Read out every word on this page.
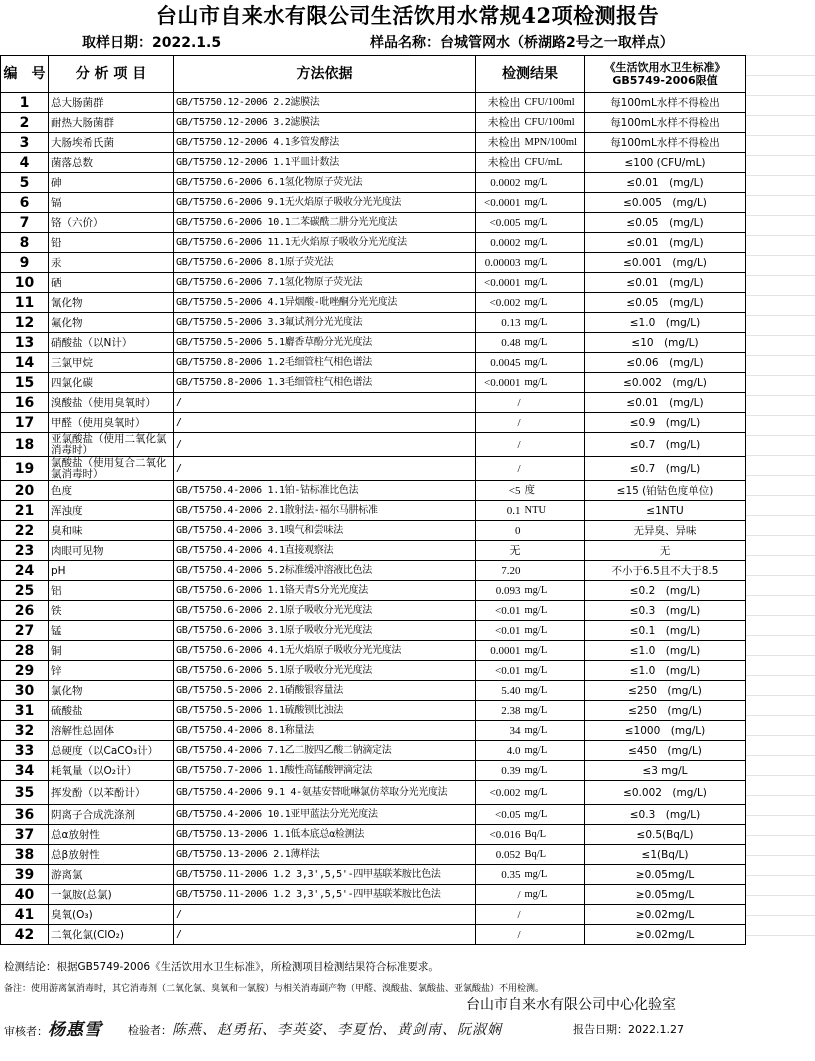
台山市自来水有限公司生活饮用水常规42项检测报告
取样日期：2022.1.5	样品名称：台城管网水（桥湖路2号之一取样点）
编　号	分 析 项 目	方法依据	检测结果		《生活饮用水卫生标准》
GB5749-2006限值
1	总大肠菌群	GB/T5750.12-2006 2.2滤膜法	未检出	CFU/100ml	每100mL水样不得检出
2	耐热大肠菌群	GB/T5750.12-2006 3.2滤膜法	未检出	CFU/100ml	每100mL水样不得检出
3	大肠埃希氏菌	GB/T5750.12-2006 4.1多管发酵法	未检出	MPN/100ml	每100mL水样不得检出
4	菌落总数	GB/T5750.12-2006 1.1平皿计数法	未检出	CFU/mL	≤100 (CFU/mL)
5	砷	GB/T5750.6-2006 6.1氢化物原子荧光法	0.0002	mg/L	≤0.01　(mg/L)
6	镉	GB/T5750.6-2006 9.1无火焰原子吸收分光光度法	<0.0001	mg/L	≤0.005　(mg/L)
7	铬（六价）	GB/T5750.6-2006 10.1二苯碳酰二肼分光光度法	<0.005	mg/L	≤0.05　(mg/L)
8	铅	GB/T5750.6-2006 11.1无火焰原子吸收分光光度法	0.0002	mg/L	≤0.01　(mg/L)
9	汞	GB/T5750.6-2006 8.1原子荧光法	0.00003	mg/L	≤0.001　(mg/L)
10	硒	GB/T5750.6-2006 7.1氢化物原子荧光法	<0.0001	mg/L	≤0.01　(mg/L)
11	氰化物	GB/T5750.5-2006 4.1异烟酸-吡唑酮分光光度法	<0.002	mg/L	≤0.05　(mg/L)
12	氟化物	GB/T5750.5-2006 3.3氟试剂分光光度法	0.13	mg/L	≤1.0　(mg/L)
13	硝酸盐（以N计）	GB/T5750.5-2006 5.1麝香草酚分光光度法	0.48	mg/L	≤10　(mg/L)
14	三氯甲烷	GB/T5750.8-2006 1.2毛细管柱气相色谱法	0.0045	mg/L	≤0.06　(mg/L)
15	四氯化碳	GB/T5750.8-2006 1.3毛细管柱气相色谱法	<0.0001	mg/L	≤0.002　(mg/L)
16	溴酸盐（使用臭氧时）	/	/		≤0.01　(mg/L)
17	甲醛（使用臭氧时）	/	/		≤0.9　(mg/L)
18	亚氯酸盐（使用二氧化氯消毒时）	/	/		≤0.7　(mg/L)
19	氯酸盐（使用复合二氧化氯消毒时）	/	/		≤0.7　(mg/L)
20	色度	GB/T5750.4-2006 1.1铂-钴标准比色法	<5	度	≤15 (铂钴色度单位)
21	浑浊度	GB/T5750.4-2006 2.1散射法-福尔马肼标准	0.1	NTU	≤1NTU
22	臭和味	GB/T5750.4-2006 3.1嗅气和尝味法	0		无异臭、异味
23	肉眼可见物	GB/T5750.4-2006 4.1直接观察法	无		无
24	pH	GB/T5750.4-2006 5.2标准缓冲溶液比色法	7.20		不小于6.5且不大于8.5
25	铝	GB/T5750.6-2006 1.1铬天青S分光光度法	0.093	mg/L	≤0.2　(mg/L)
26	铁	GB/T5750.6-2006 2.1原子吸收分光光度法	<0.01	mg/L	≤0.3　(mg/L)
27	锰	GB/T5750.6-2006 3.1原子吸收分光光度法	<0.01	mg/L	≤0.1　(mg/L)
28	铜	GB/T5750.6-2006 4.1无火焰原子吸收分光光度法	0.0001	mg/L	≤1.0　(mg/L)
29	锌	GB/T5750.6-2006 5.1原子吸收分光光度法	<0.01	mg/L	≤1.0　(mg/L)
30	氯化物	GB/T5750.5-2006 2.1硝酸银容量法	5.40	mg/L	≤250　(mg/L)
31	硫酸盐	GB/T5750.5-2006 1.1硫酸钡比浊法	2.38	mg/L	≤250　(mg/L)
32	溶解性总固体	GB/T5750.4-2006 8.1称量法	34	mg/L	≤1000　(mg/L)
33	总硬度（以CaCO₃计）	GB/T5750.4-2006 7.1乙二胺四乙酸二钠滴定法	4.0	mg/L	≤450　(mg/L)
34	耗氧量（以O₂计）	GB/T5750.7-2006 1.1酸性高锰酸钾滴定法	0.39	mg/L	≤3 mg/L
35	挥发酚（以苯酚计）	GB/T5750.4-2006 9.1 4-氨基安替吡啉氯仿萃取分光光度法	<0.002	mg/L	≤0.002　(mg/L)
36	阴离子合成洗涤剂	GB/T5750.4-2006 10.1亚甲蓝法分光光度法	<0.05	mg/L	≤0.3　(mg/L)
37	总α放射性	GB/T5750.13-2006 1.1低本底总α检测法	<0.016	Bq/L	≤0.5(Bq/L)
38	总β放射性	GB/T5750.13-2006 2.1薄样法	0.052	Bq/L	≤1(Bq/L)
39	游离氯	GB/T5750.11-2006 1.2 3,3',5,5'-四甲基联苯胺比色法	0.35	mg/L	≥0.05mg/L
40	一氯胺(总氯)	GB/T5750.11-2006 1.2 3,3',5,5'-四甲基联苯胺比色法	/	mg/L	≥0.05mg/L
41	臭氧(O₃)	/	/		≥0.02mg/L
42	二氧化氯(ClO₂)	/	/		≥0.02mg/L
检测结论：根据GB5749-2006《生活饮用水卫生标准》，所检测项目检测结果符合标准要求。
备注：使用游离氯消毒时，其它消毒剂（二氧化氯、臭氧和一氯胺）与相关消毒副产物（甲醛、溴酸盐、氯酸盐、亚氯酸盐）不用检测。
台山市自来水有限公司中心化验室
审核者：杨惠雪 检验者：陈燕、赵勇拓、李英姿、李夏怡、黄剑南、阮淑娴	报告日期：2022.1.27
